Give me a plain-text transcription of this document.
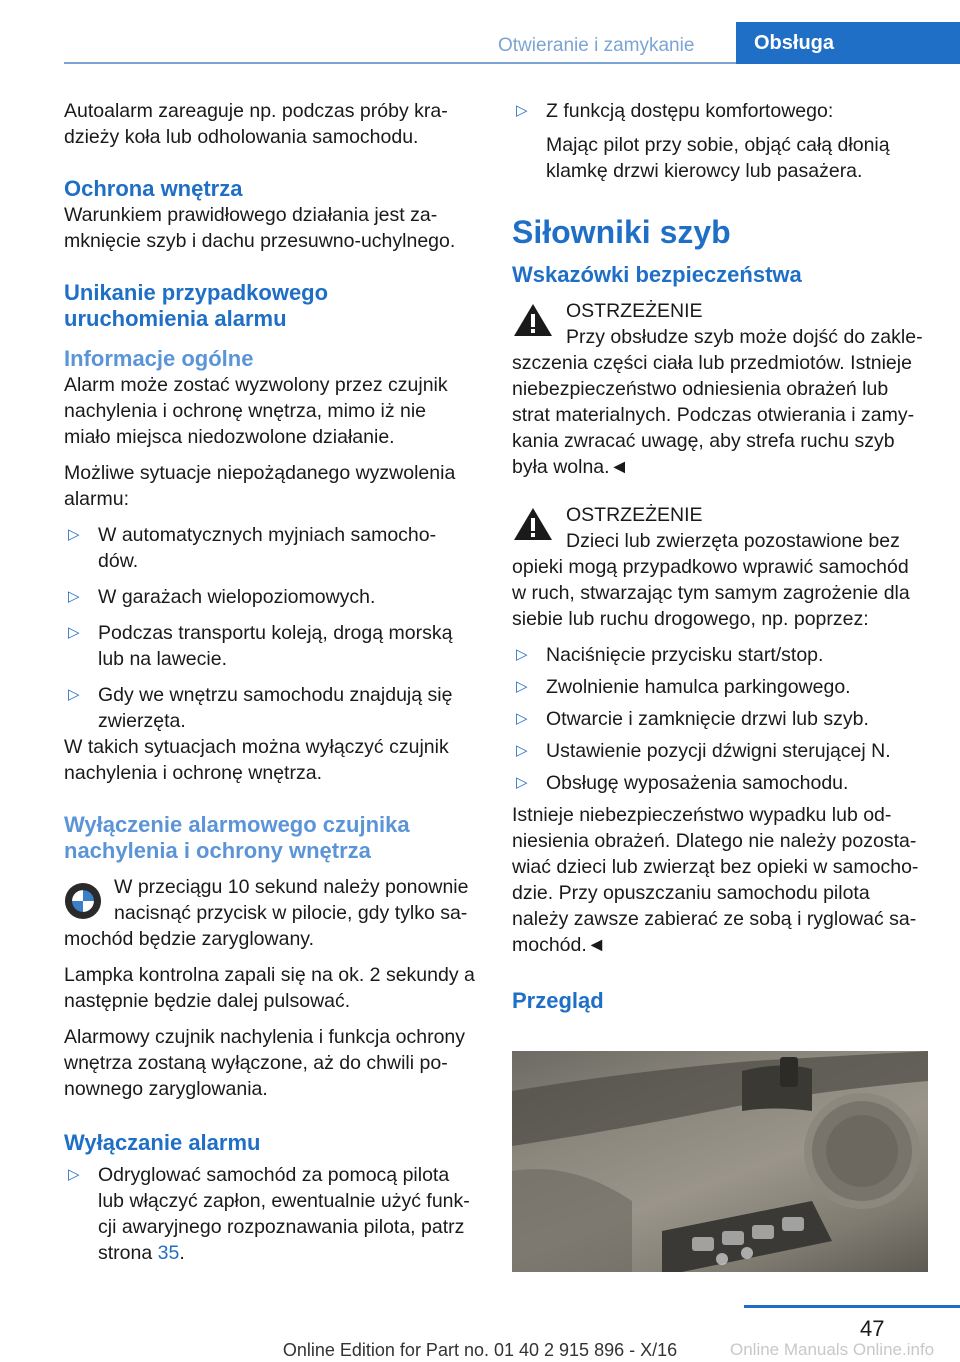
Otwieranie i zamykanie	Obsługa

Autoalarm zareaguje np. podczas próby kra-dzieży koła lub odholowania samochodu.

Ochrona wnętrza

Warunkiem prawidłowego działania jest za-mknięcie szyb i dachu przesuwno-uchylnego.

Unikanie przypadkowego uruchomienia alarmu
Informacje ogólne

Alarm może zostać wyzwolony przez czujnik nachylenia i ochronę wnętrza, mimo iż nie miało miejsca niedozwolone działanie.

Możliwe sytuacje niepożądanego wyzwolenia alarmu:

▷ W automatycznych myjniach samocho-dów.

▷ W garażach wielopoziomowych.

▷ Podczas transportu koleją, drogą morską lub na lawecie.

▷ Gdy we wnętrzu samochodu znajdują się zwierzęta.

W takich sytuacjach można wyłączyć czujnik nachylenia i ochronę wnętrza.

Wyłączenie alarmowego czujnika nachylenia i ochrony wnętrza

W przeciągu 10 sekund należy ponownie nacisnąć przycisk w pilocie, gdy tylko sa-mochód będzie zaryglowany.

Lampka kontrolna zapali się na ok. 2 sekundy a następnie będzie dalej pulsować.

Alarmowy czujnik nachylenia i funkcja ochrony wnętrza zostaną wyłączone, aż do chwili po-nownego zaryglowania.

Wyłączanie alarmu
▷ Odryglować samochód za pomocą pilota lub włączyć zapłon, ewentualnie użyć funk-cji awaryjnego rozpoznawania pilota, patrz strona 35.

▷ Z funkcją dostępu komfortowego:

Mając pilot przy sobie, objąć całą dłonią klamkę drzwi kierowcy lub pasażera.

Siłowniki szyb
Wskazówki bezpieczeństwa
OSTRZEŻENIE

Przy obsłudze szyb może dojść do zakle-szczenia części ciała lub przedmiotów. Istnieje niebezpieczeństwo odniesienia obrażeń lub strat materialnych. Podczas otwierania i zamy-kania zwracać uwagę, aby strefa ruchu szyb była wolna.◄

OSTRZEŻENIE

Dzieci lub zwierzęta pozostawione bez opieki mogą przypadkowo wprawić samochód w ruch, stwarzając tym samym zagrożenie dla siebie lub ruchu drogowego, np. poprzez:

▷ Naciśnięcie przycisku start/stop.

▷ Zwolnienie hamulca parkingowego.

▷ Otwarcie i zamknięcie drzwi lub szyb.

▷ Ustawienie pozycji dźwigni sterującej N.

▷ Obsługę wyposażenia samochodu.

Istnieje niebezpieczeństwo wypadku lub od-niesienia obrażeń. Dlatego nie należy pozosta-wiać dzieci lub zwierząt bez opieki w samocho-dzie. Przy opuszczaniu samochodu pilota należy zawsze zabierać ze sobą i ryglować sa-mochód.◄

Przegląd
47
Online Edition for Part no. 01 40 2 915 896 - X/16	Online Manuals Online.info
